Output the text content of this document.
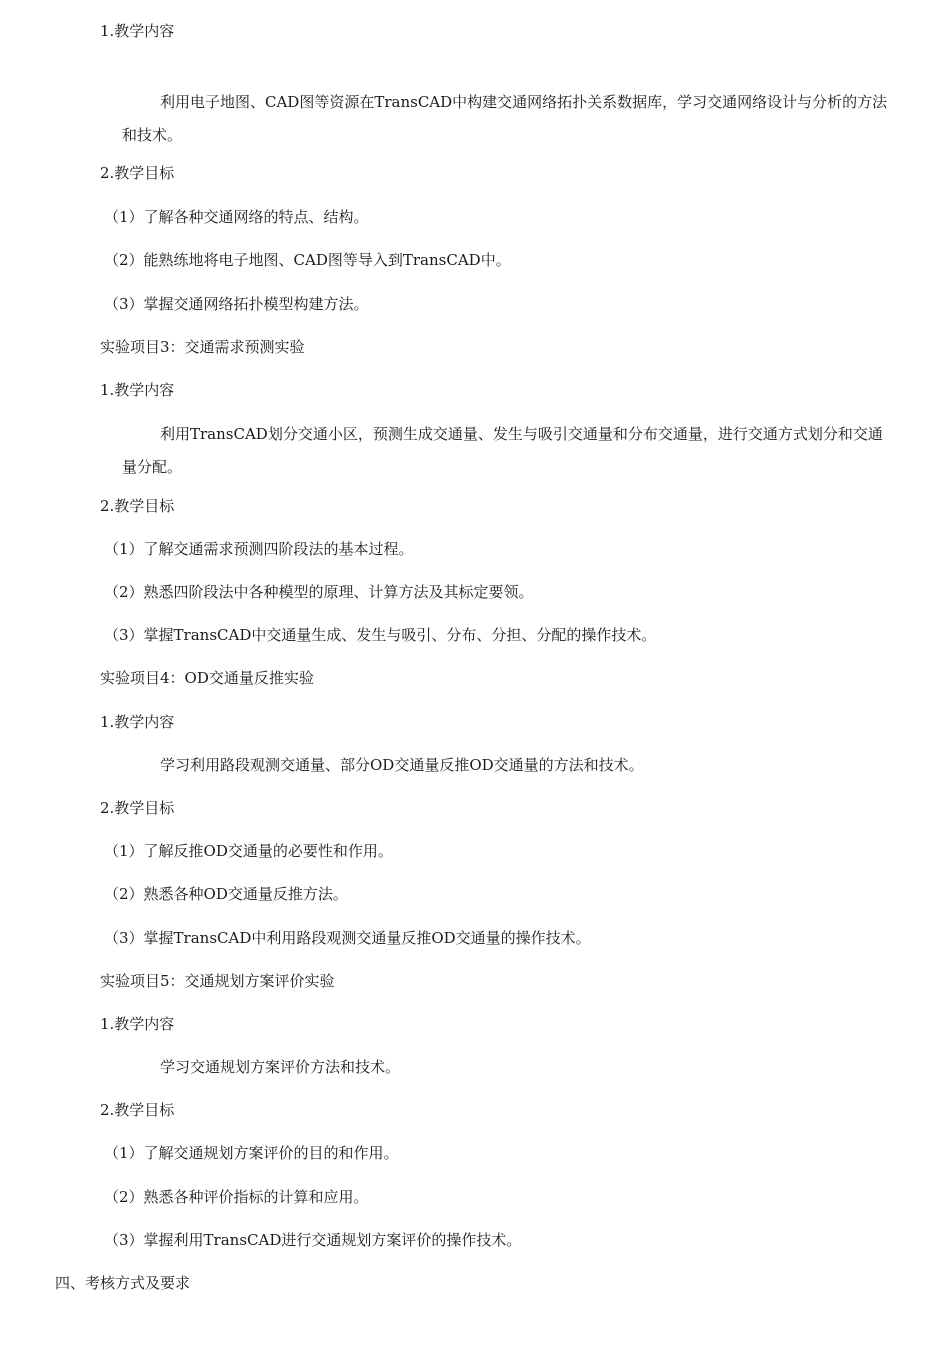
1.教学内容

利用电子地图、CAD图等资源在TransCAD中构建交通网络拓扑关系数据库，学习交通网络设计与分析的方法和技术。

2.教学目标

（1）了解各种交通网络的特点、结构。

（2）能熟练地将电子地图、CAD图等导入到TransCAD中。

（3）掌握交通网络拓扑模型构建方法。

实验项目3：交通需求预测实验

1.教学内容

利用TransCAD划分交通小区，预测生成交通量、发生与吸引交通量和分布交通量，进行交通方式划分和交通量分配。

2.教学目标

（1）了解交通需求预测四阶段法的基本过程。

（2）熟悉四阶段法中各种模型的原理、计算方法及其标定要领。

（3）掌握TransCAD中交通量生成、发生与吸引、分布、分担、分配的操作技术。

实验项目4：OD交通量反推实验

1.教学内容

学习利用路段观测交通量、部分OD交通量反推OD交通量的方法和技术。

2.教学目标

（1）了解反推OD交通量的必要性和作用。

（2）熟悉各种OD交通量反推方法。

（3）掌握TransCAD中利用路段观测交通量反推OD交通量的操作技术。

实验项目5：交通规划方案评价实验

1.教学内容

学习交通规划方案评价方法和技术。

2.教学目标

（1）了解交通规划方案评价的目的和作用。

（2）熟悉各种评价指标的计算和应用。

（3）掌握利用TransCAD进行交通规划方案评价的操作技术。

四、考核方式及要求
